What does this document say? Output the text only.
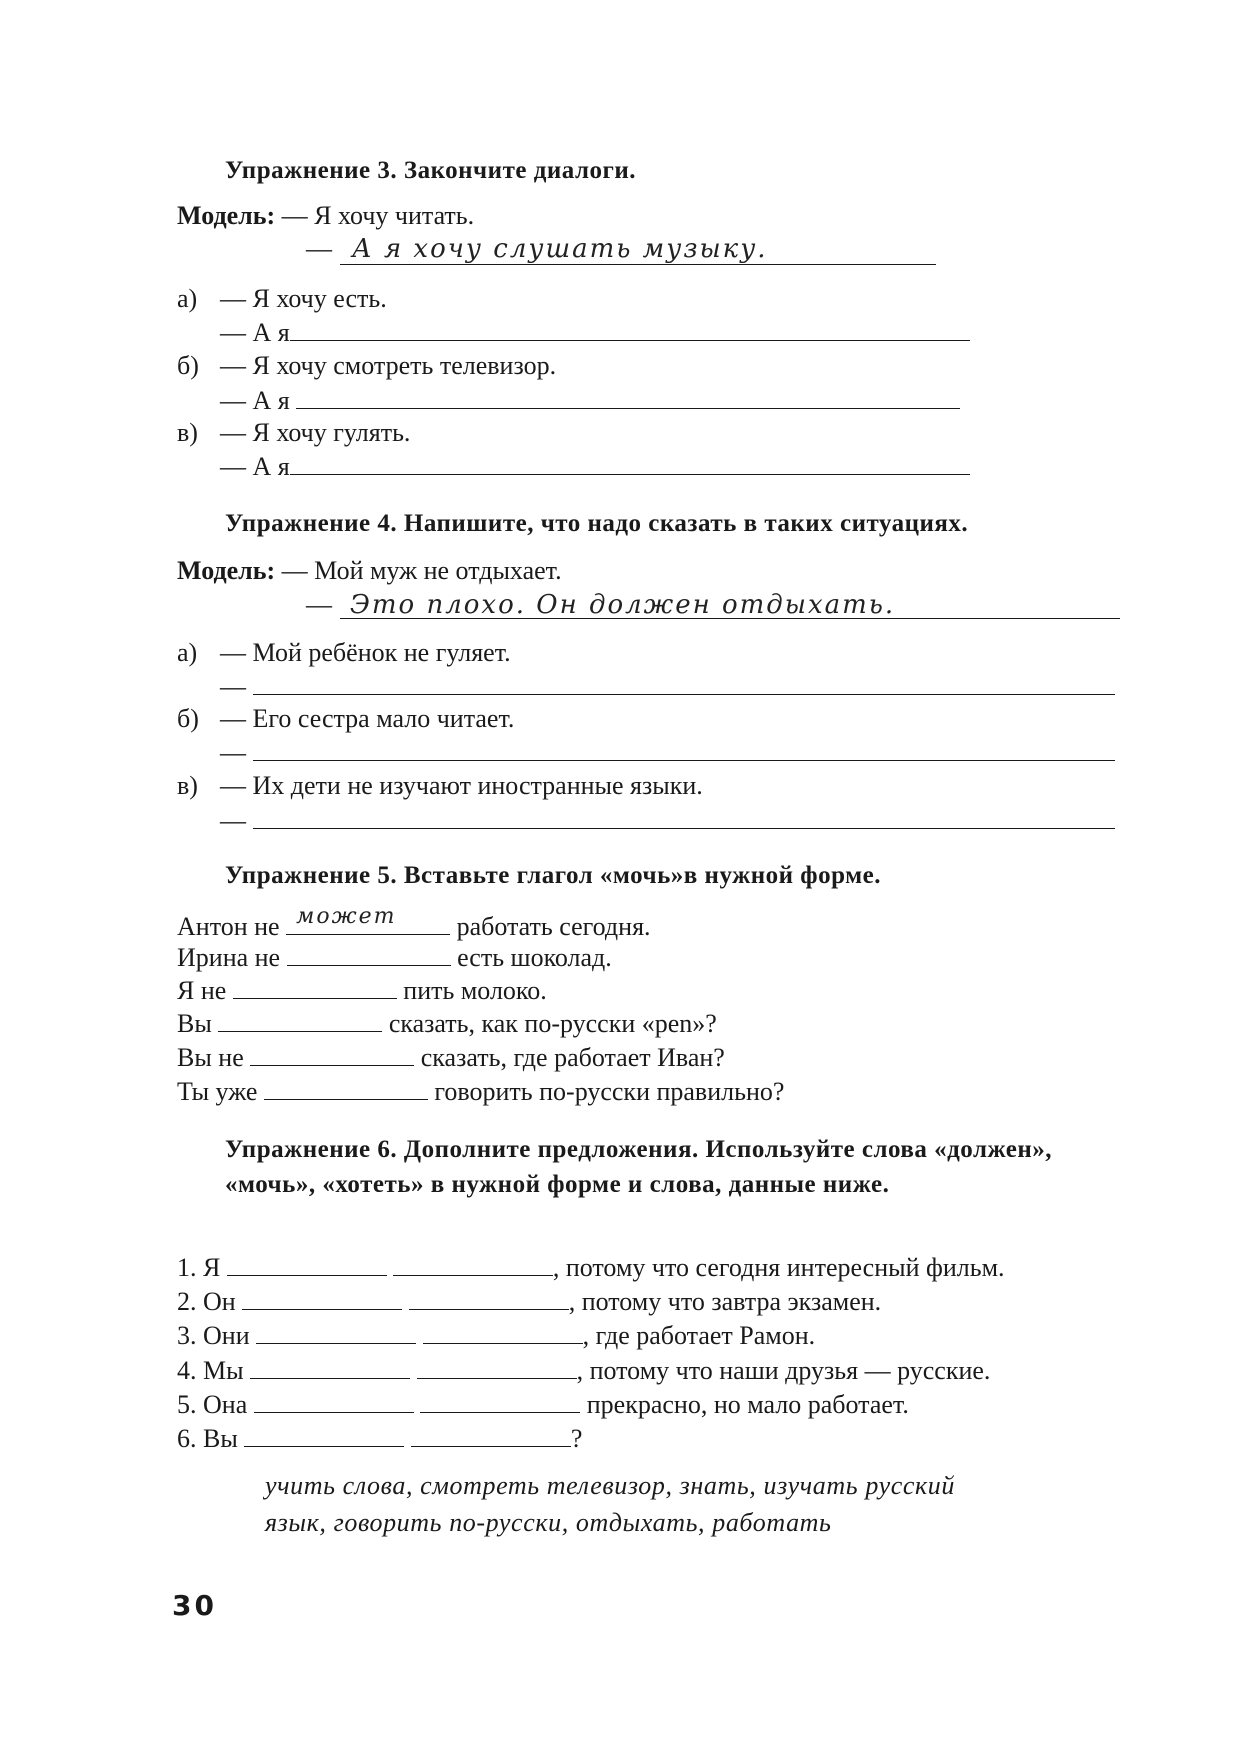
Упражнение 3. Закончите диалоги.
Модель: — Я хочу читать.
— А я хочу слушать музыку.
а) — Я хочу есть.
— А я
б) — Я хочу смотреть телевизор.
— А я
в) — Я хочу гулять.
— А я
Упражнение 4. Напишите, что надо сказать в таких ситуациях.
Модель: — Мой муж не отдыхает.
— Это плохо. Он должен отдыхать.
а) — Мой ребёнок не гуляет.
—
б) — Его сестра мало читает.
—
в) — Их дети не изучают иностранные языки.
—
Упражнение 5. Вставьте глагол «мочь»в нужной форме.
Антон не может работать сегодня.
Ирина не	есть шоколад.
Я не	пить молоко.
Вы	сказать, как по-русски «pen»?
Вы не	сказать, где работает Иван?
Ты уже	говорить по-русски правильно?
Упражнение 6. Дополните предложения. Используйте слова «должен», «мочь», «хотеть» в нужной форме и слова, данные ниже.
1. Я	, потому что сегодня интересный фильм.
2. Он	, потому что завтра экзамен.
3. Они	, где работает Рамон.
4. Мы	, потому что наши друзья — русские.
5. Она	прекрасно, но мало работает.
6. Вы	?
учить слова, смотреть телевизор, знать, изучать русский
язык, говорить по-русски, отдыхать, работать
30
